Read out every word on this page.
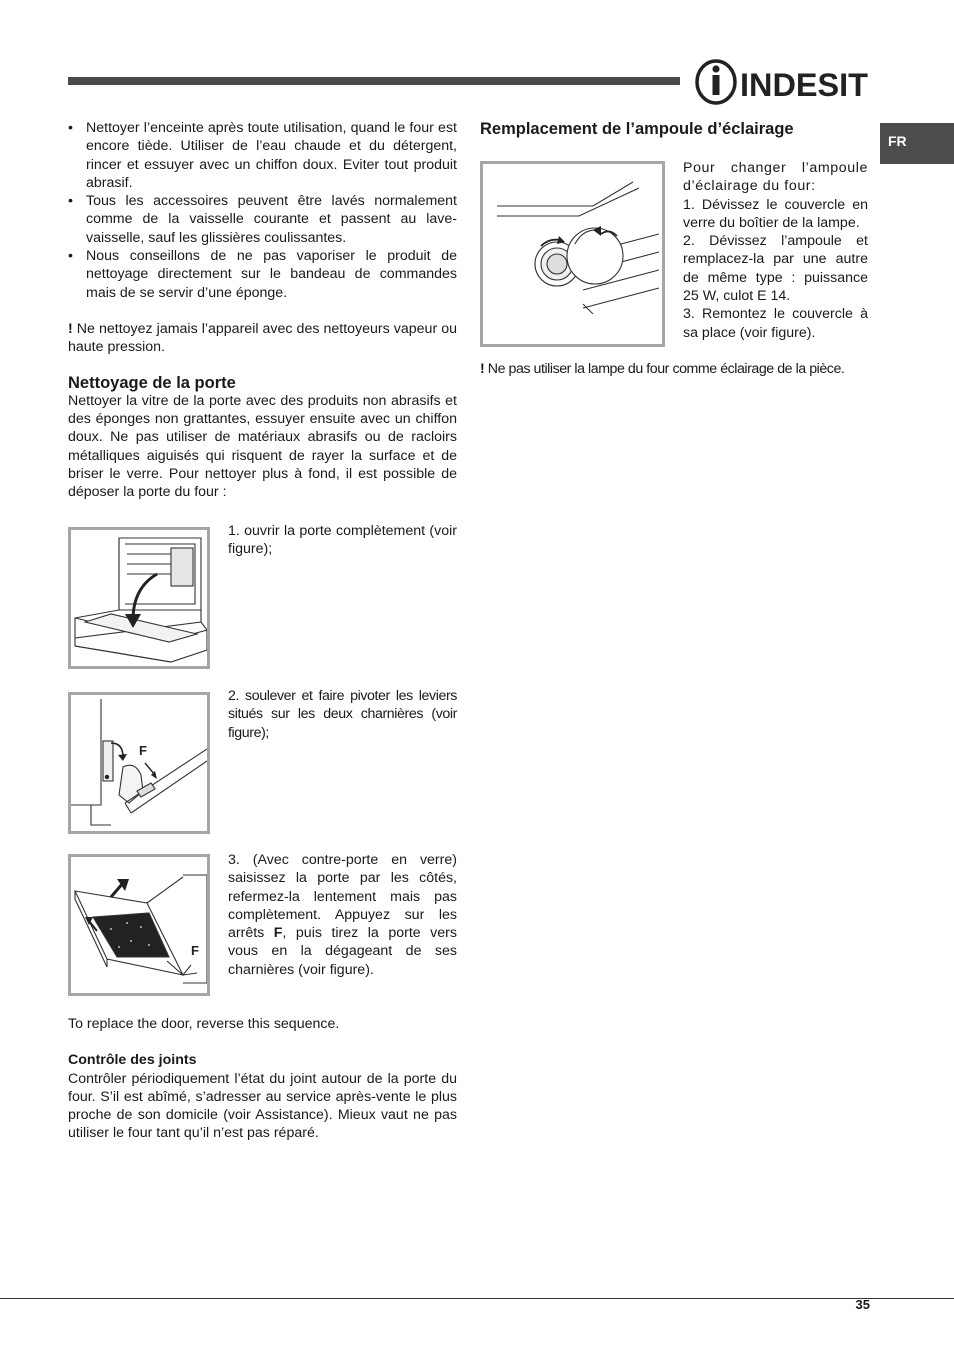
INDESIT
FR
• Nettoyer l’enceinte après toute utilisation, quand le four est encore tiède. Utiliser de l’eau chaude et du détergent, rincer et essuyer avec un chiffon doux. Eviter tout produit abrasif.
• Tous les accessoires peuvent être lavés normalement comme de la vaisselle courante et passent au lave-vaisselle, sauf les glissières coulissantes.
• Nous conseillons de ne pas vaporiser le produit de nettoyage directement sur le bandeau de commandes mais de se servir d’une éponge.
! Ne nettoyez jamais l’appareil avec des nettoyeurs vapeur ou haute pression.
Nettoyage de la porte
Nettoyer la vitre de la porte avec des produits non abrasifs et des éponges non grattantes, essuyer ensuite avec un chiffon doux. Ne pas utiliser de matériaux abrasifs ou de racloirs métalliques aiguisés qui risquent de rayer la surface et de briser le verre. Pour nettoyer plus à fond, il est possible de déposer la porte du four :
1. ouvrir la porte complètement (voir figure);
F
2. soulever et faire pivoter les leviers situés sur les deux charnières (voir figure);
F
3. (Avec contre-porte en verre) saisissez la porte par les côtés, refermez-la lentement mais pas complètement. Appuyez sur les arrêts F, puis tirez la porte vers vous en la dégageant de ses charnières (voir figure).
To replace the door, reverse this sequence.
Contrôle des joints
Contrôler périodiquement l’état du joint autour de la porte du four. S’il est abîmé, s’adresser au service après-vente le plus proche de son domicile (voir Assistance). Mieux vaut ne pas utiliser le four tant qu’il n’est pas réparé.
Remplacement de l’ampoule d’éclairage
Pour changer l’ampoule d’éclairage du four:
1. Dévissez le couvercle en verre du boîtier de la lampe.
2. Dévissez l’ampoule et remplacez-la par une autre de même type : puissance 25 W, culot E 14.
3. Remontez le couvercle à sa place (voir figure).
! Ne pas utiliser la lampe du four comme éclairage de la pièce.
35
